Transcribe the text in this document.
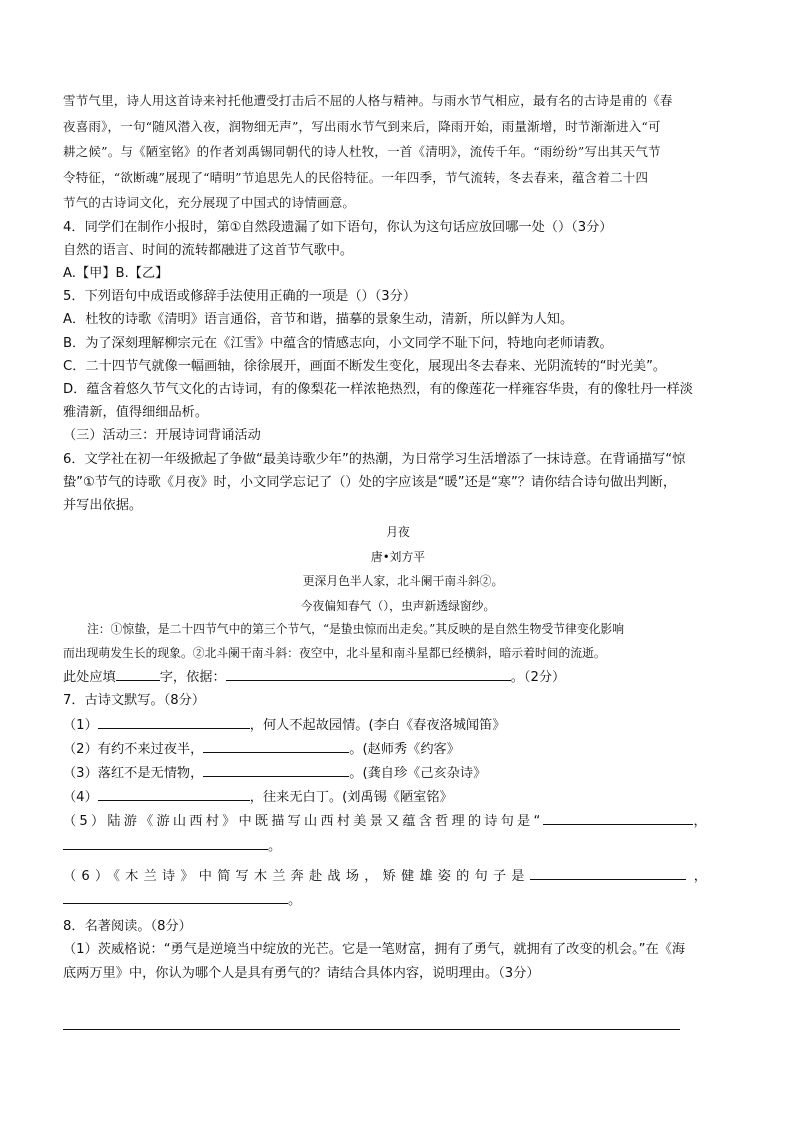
雪节气里，诗人用这首诗来衬托他遭受打击后不屈的人格与精神。与雨水节气相应，最有名的古诗是甫的《春
夜喜雨》，一句“随风潜入夜，润物细无声”，写出雨水节气到来后，降雨开始，雨量渐增，时节渐渐进入“可
耕之候”。与《陋室铭》的作者刘禹锡同朝代的诗人杜牧，一首《清明》，流传千年。“雨纷纷”写出其天气节
令特征，“欲断魂”展现了“晴明”节追思先人的民俗特征。一年四季，节气流转，冬去春来，蕴含着二十四
节气的古诗词文化，充分展现了中国式的诗情画意。
4．同学们在制作小报时，第①自然段遗漏了如下语句，你认为这句话应放回哪一处（）（3分）
自然的语言、时间的流转都融进了这首节气歌中。
A.【甲】B.【乙】
5．下列语句中成语或修辞手法使用正确的一项是（）（3分）
A．杜牧的诗歌《清明》语言通俗，音节和谐，描摹的景象生动，清新，所以鲜为人知。
B．为了深刻理解柳宗元在《江雪》中蕴含的情感志向，小文同学不耻下问，特地向老师请教。
C．二十四节气就像一幅画轴，徐徐展开，画面不断发生变化，展现出冬去春来、光阴流转的“时光美”。
D．蕴含着悠久节气文化的古诗词，有的像梨花一样浓艳热烈，有的像莲花一样雍容华贵，有的像牡丹一样淡
雅清新，值得细细品析。
（三）活动三：开展诗词背诵活动
6．文学社在初一年级掀起了争做“最美诗歌少年”的热潮，为日常学习生活增添了一抹诗意。在背诵描写“惊
蛰”①节气的诗歌《月夜》时，小文同学忘记了（）处的字应该是“暖”还是“寒”？请你结合诗句做出判断，
并写出依据。
月夜
唐•刘方平
更深月色半人家，北斗阑干南斗斜②。
今夜偏知春气（），虫声新透绿窗纱。
注：①惊蛰，是二十四节气中的第三个节气，“是蛰虫惊而出走矣。”其反映的是自然生物受节律变化影响
而出现萌发生长的现象。②北斗阑干南斗斜：夜空中，北斗星和南斗星都已经横斜，暗示着时间的流逝。
此处应填	字，依据：	。（2分）
7．古诗文默写。（8分）
（1）	，何人不起故园情。(李白《春夜洛城闻笛》
（2）有约不来过夜半，	。(赵师秀《约客》
（3）落红不是无情物，	。(龚自珍《己亥杂诗》
（4）	，往来无白丁。(刘禹锡《陋室铭》
（5）陆游《游山西村》中既描写山西村美景又蕴含哲理的诗句是“	，
。
（6）《木兰诗》中简写木兰奔赴战场，矫健雄姿的句子是	，
。
8．名著阅读。（8分）
（1）茨威格说：“勇气是逆境当中绽放的光芒。它是一笔财富，拥有了勇气，就拥有了改变的机会。”在《海
底两万里》中，你认为哪个人是具有勇气的？请结合具体内容，说明理由。（3分）
